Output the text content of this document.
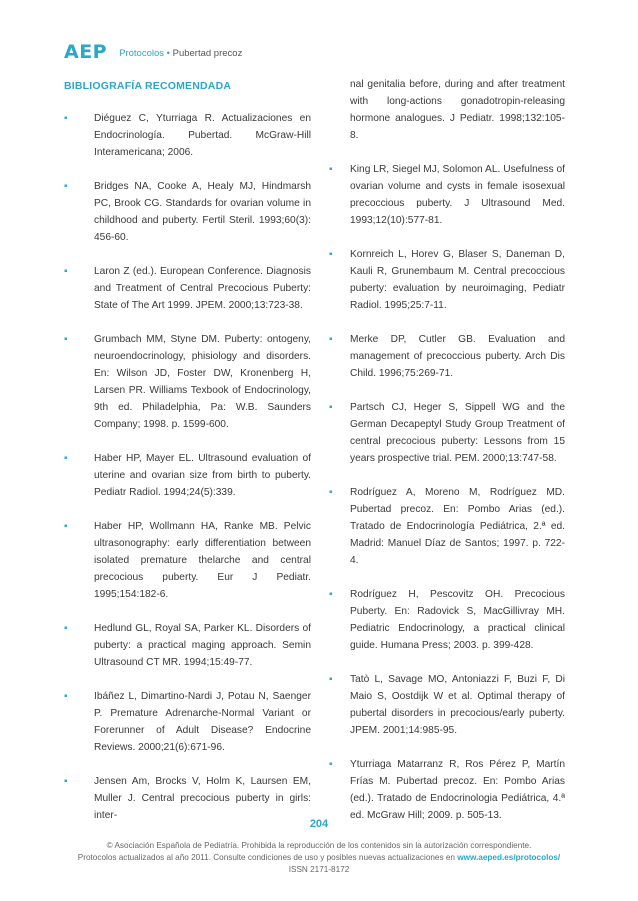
AEP Protocolos • Pubertad precoz
BIBLIOGRAFÍA RECOMENDADA
▪	Diéguez C, Yturriaga R. Actualizaciones en Endocrinología. Pubertad. McGraw-Hill Interamericana; 2006.
▪	Bridges NA, Cooke A, Healy MJ, Hindmarsh PC, Brook CG. Standards for ovarian volume in childhood and puberty. Fertil Steril. 1993;60(3): 456-60.
▪	Laron Z (ed.). European Conference. Diagnosis and Treatment of Central Precocious Puberty: State of The Art 1999. JPEM. 2000;13:723-38.
▪	Grumbach MM, Styne DM. Puberty: ontogeny, neuroendocrinology, phisiology and disorders. En: Wilson JD, Foster DW, Kronenberg H, Larsen PR. Williams Texbook of Endocrinology, 9th ed. Philadelphia, Pa: W.B. Saunders Company; 1998. p. 1599-600.
▪	Haber HP, Mayer EL. Ultrasound evaluation of uterine and ovarian size from birth to puberty. Pediatr Radiol. 1994;24(5):339.
▪	Haber HP, Wollmann HA, Ranke MB. Pelvic ultrasonography: early differentiation between isolated premature thelarche and central precocious puberty. Eur J Pediatr. 1995;154:182-6.
▪	Hedlund GL, Royal SA, Parker KL. Disorders of puberty: a practical maging approach. Semin Ultrasound CT MR. 1994;15:49-77.
▪	Ibáñez L, Dimartino-Nardi J, Potau N, Saenger P. Premature Adrenarche-Normal Variant or Forerunner of Adult Disease? Endocrine Reviews. 2000;21(6):671-96.
▪	Jensen Am, Brocks V, Holm K, Laursen EM, Muller J. Central precocious puberty in girls: inter-
nal genitalia before, during and after treatment with long-actions gonadotropin-releasing hormone analogues. J Pediatr. 1998;132:105-8.
▪ King LR, Siegel MJ, Solomon AL. Usefulness of ovarian volume and cysts in female isosexual precoccious puberty. J Ultrasound Med. 1993;12(10):577-81.
▪ Kornreich L, Horev G, Blaser S, Daneman D, Kauli R, Grunembaum M. Central precoccious puberty: evaluation by neuroimaging, Pediatr Radiol. 1995;25:7-11.
▪ Merke DP, Cutler GB. Evaluation and management of precoccious puberty. Arch Dis Child. 1996;75:269-71.
▪ Partsch CJ, Heger S, Sippell WG and the German Decapeptyl Study Group Treatment of central precocious puberty: Lessons from 15 years prospective trial. PEM. 2000;13:747-58.
▪ Rodríguez A, Moreno M, Rodríguez MD. Pubertad precoz. En: Pombo Arias (ed.). Tratado de Endocrinología Pediátrica, 2.ª ed. Madrid: Manuel Díaz de Santos; 1997. p. 722-4.
▪ Rodríguez H, Pescovitz OH. Precocious Puberty. En: Radovick S, MacGillivray MH. Pediatric Endocrinology, a practical clinical guide. Humana Press; 2003. p. 399-428.
▪ Tatò L, Savage MO, Antoniazzi F, Buzi F, Di Maio S, Oostdijk W et al. Optimal therapy of pubertal disorders in precocious/early puberty. JPEM. 2001;14:985-95.
▪ Yturriaga Matarranz R, Ros Pérez P, Martín Frías M. Pubertad precoz. En: Pombo Arias (ed.). Tratado de Endocrinologia Pediátrica, 4.ª ed. McGraw Hill; 2009. p. 505-13.
204
© Asociación Española de Pediatría. Prohibida la reproducción de los contenidos sin la autorización correspondiente.
Protocolos actualizados al año 2011. Consulte condiciones de uso y posibles nuevas actualizaciones en www.aeped.es/protocolos/
ISSN 2171-8172
